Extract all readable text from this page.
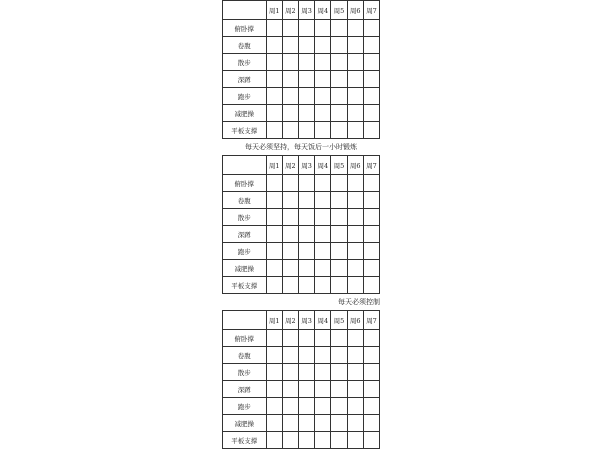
	周1	周2	周3	周4	周5	周6	周7
俯卧撑							
卷腹							
散步							
深蹲							
跑步							
减肥操							
平板支撑							
每天必须坚持，每天饭后一小时锻炼
	周1	周2	周3	周4	周5	周6	周7
俯卧撑							
卷腹							
散步							
深蹲							
跑步							
减肥操							
平板支撑							
每天必须控制
	周1	周2	周3	周4	周5	周6	周7
俯卧撑							
卷腹							
散步							
深蹲							
跑步							
减肥操							
平板支撑							
